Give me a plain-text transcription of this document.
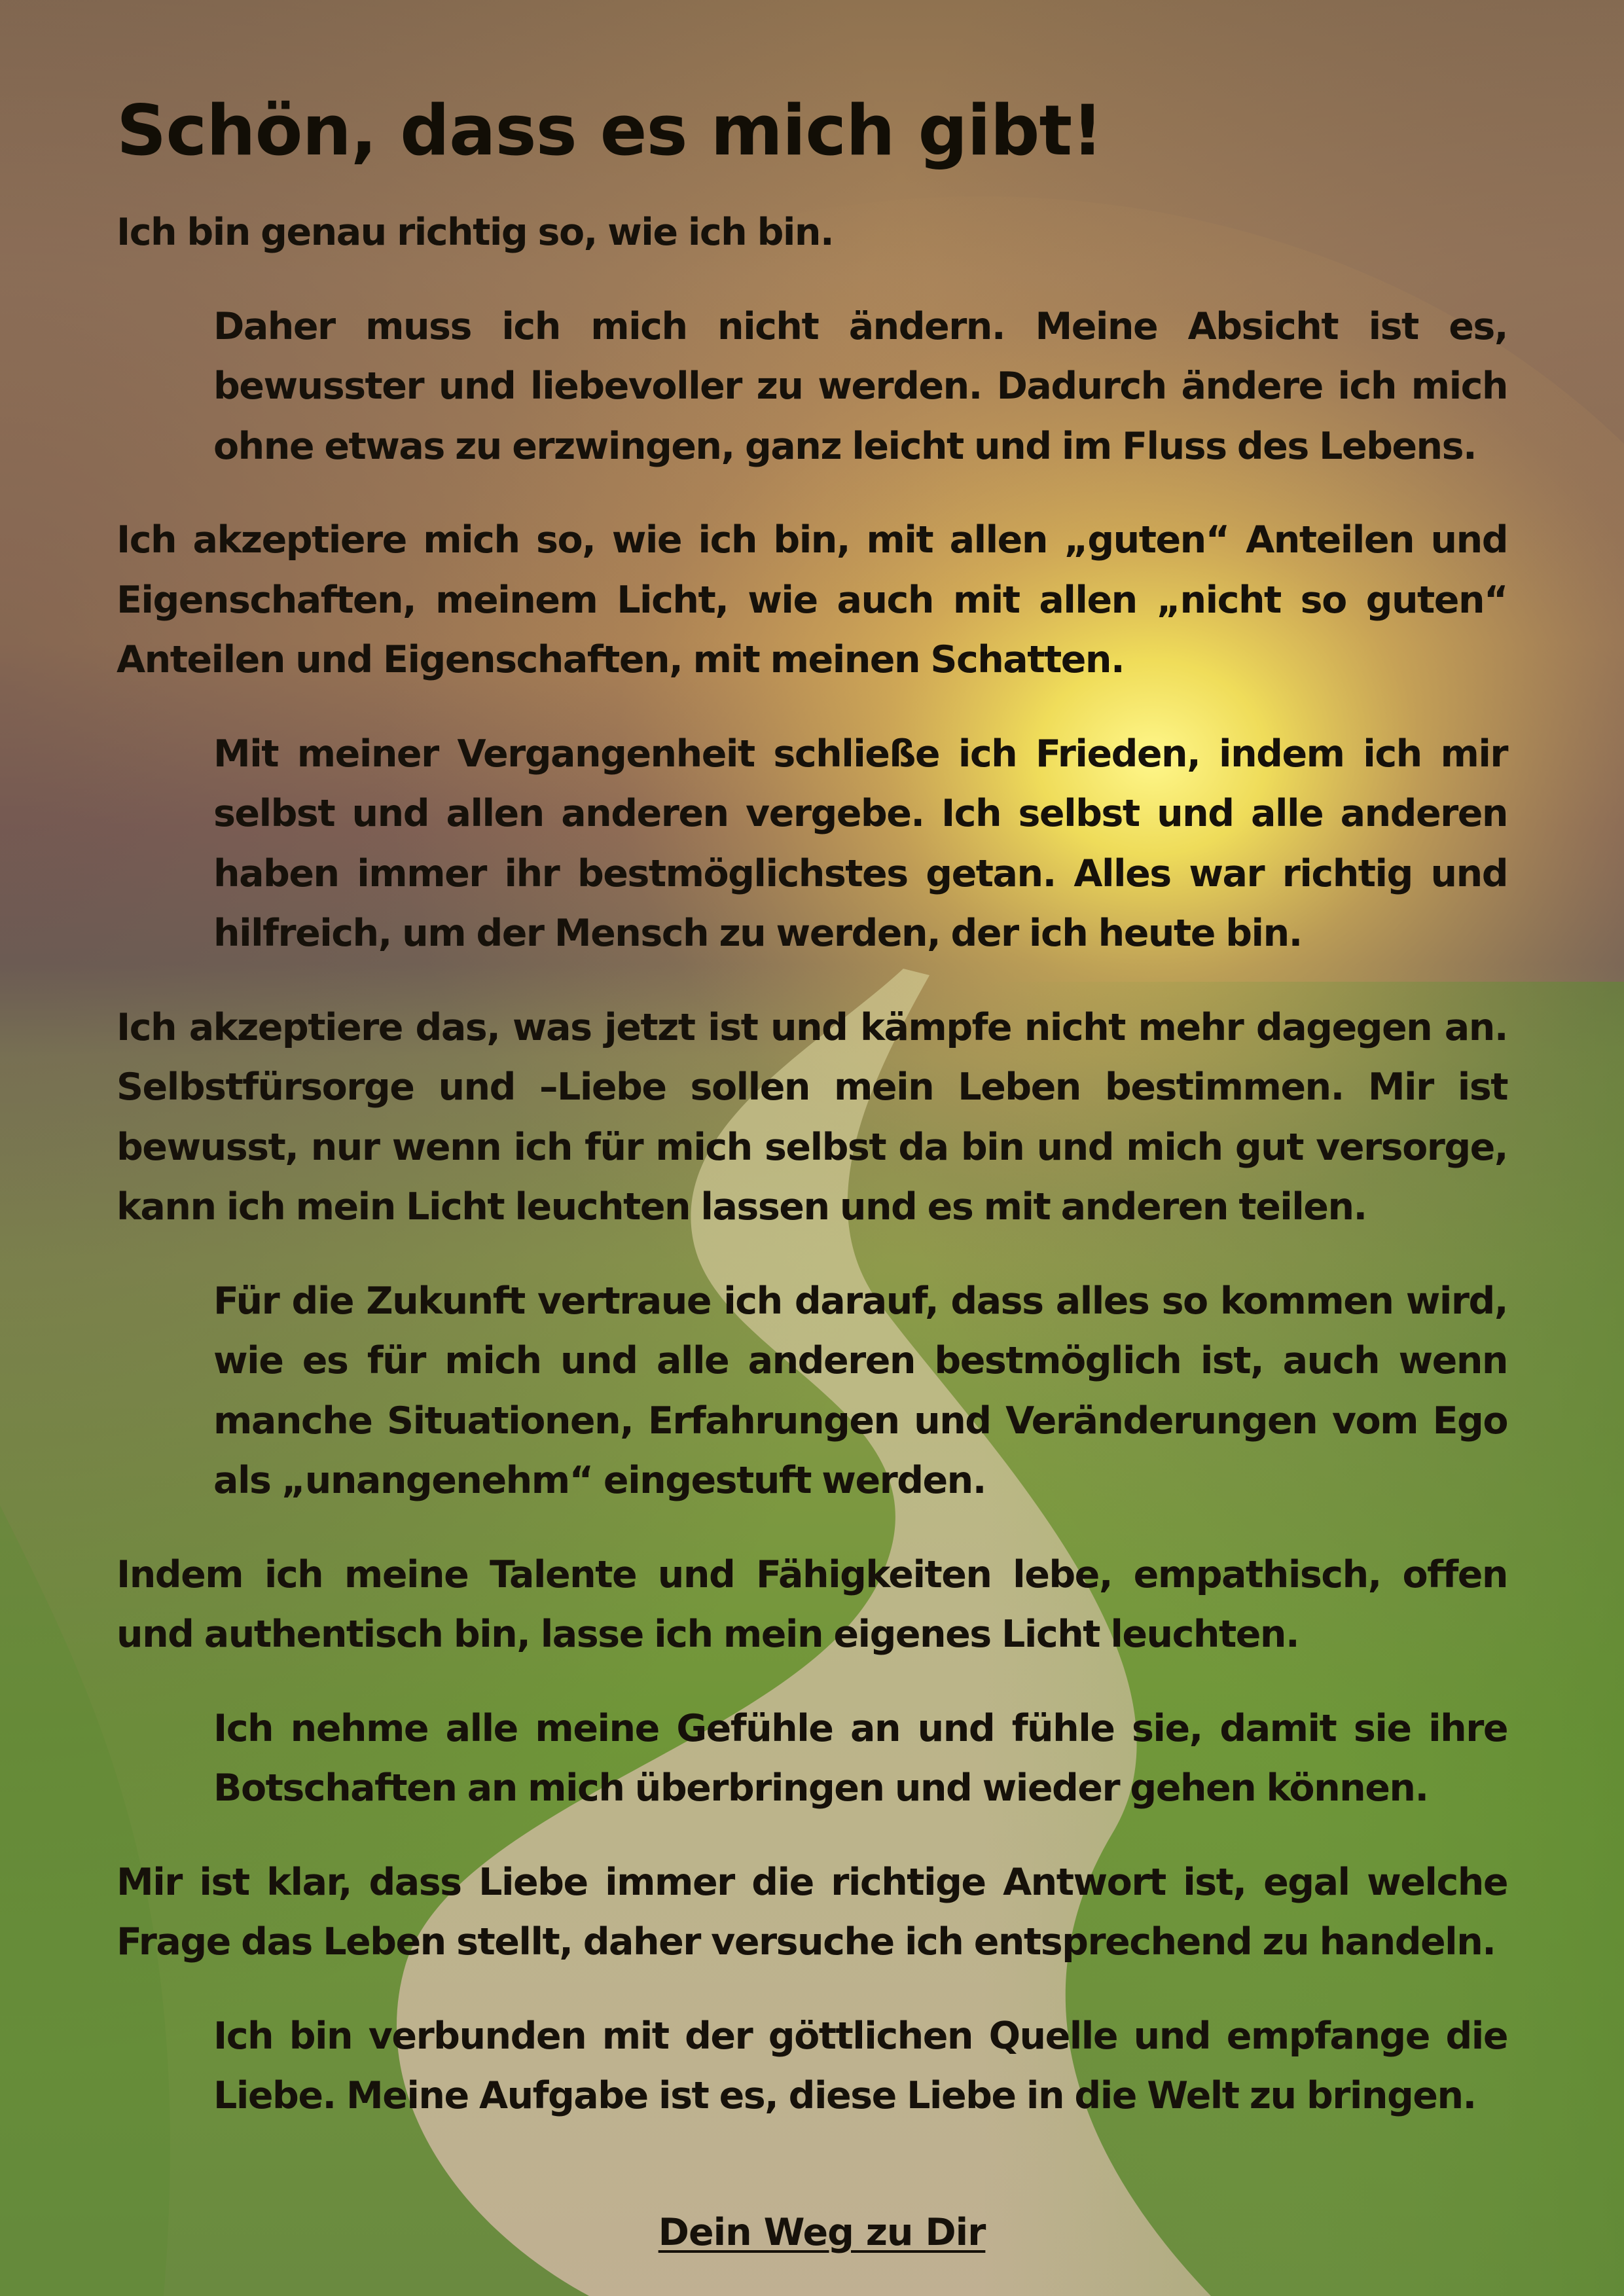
Schön, dass es mich gibt!

Ich bin genau richtig so, wie ich bin.

Daher muss ich mich nicht ändern. Meine Absicht ist es, bewusster und liebevoller zu werden. Dadurch ändere ich mich ohne etwas zu erzwingen, ganz leicht und im Fluss des Lebens.

Ich akzeptiere mich so, wie ich bin, mit allen „guten“ Anteilen und Eigenschaften, meinem Licht, wie auch mit allen „nicht so guten“ Anteilen und Eigenschaften, mit meinen Schatten.

Mit meiner Vergangenheit schließe ich Frieden, indem ich mir selbst und allen anderen vergebe. Ich selbst und alle anderen haben immer ihr bestmöglichstes getan. Alles war richtig und hilfreich, um der Mensch zu werden, der ich heute bin.

Ich akzeptiere das, was jetzt ist und kämpfe nicht mehr dagegen an. Selbstfürsorge und –Liebe sollen mein Leben bestimmen. Mir ist bewusst, nur wenn ich für mich selbst da bin und mich gut versorge, kann ich mein Licht leuchten lassen und es mit anderen teilen.

Für die Zukunft vertraue ich darauf, dass alles so kommen wird, wie es für mich und alle anderen bestmöglich ist, auch wenn manche Situationen, Erfahrungen und Veränderungen vom Ego als „unangenehm“ eingestuft werden.

Indem ich meine Talente und Fähigkeiten lebe, empathisch, offen und authentisch bin, lasse ich mein eigenes Licht leuchten.

Ich nehme alle meine Gefühle an und fühle sie, damit sie ihre Botschaften an mich überbringen und wieder gehen können.

Mir ist klar, dass Liebe immer die richtige Antwort ist, egal welche Frage das Leben stellt, daher versuche ich entsprechend zu handeln.

Ich bin verbunden mit der göttlichen Quelle und empfange die Liebe. Meine Aufgabe ist es, diese Liebe in die Welt zu bringen.

Dein Weg zu Dir
